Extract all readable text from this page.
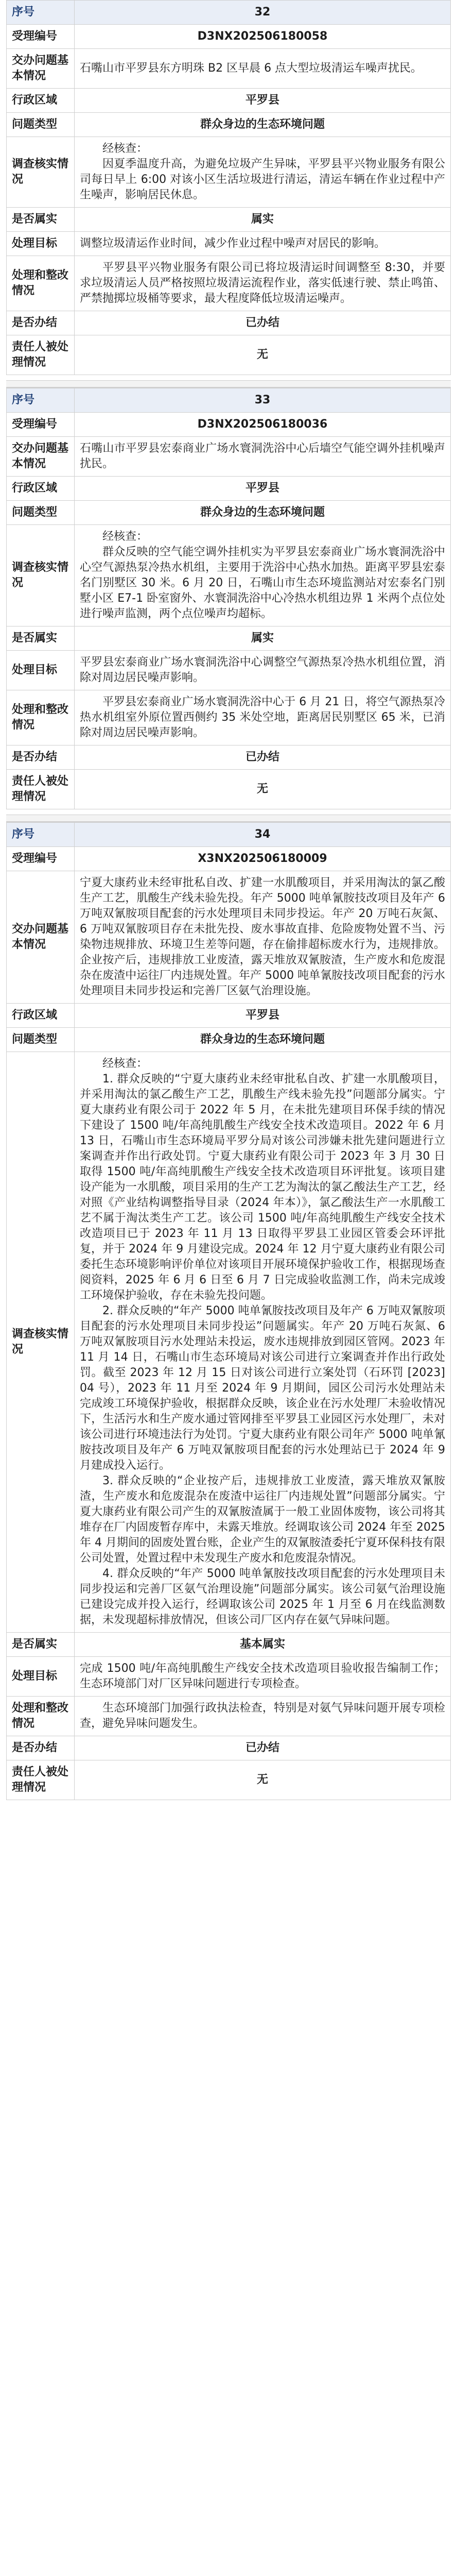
序号	32
受理编号	D3NX202506180058
交办问题基本情况	石嘴山市平罗县东方明珠 B2 区早晨 6 点大型垃圾清运车噪声扰民。
行政区域	平罗县
问题类型	群众身边的生态环境问题
调查核实情况	经核查：
因夏季温度升高，为避免垃圾产生异味，平罗县平兴物业服务有限公司每日早上 6:00 对该小区生活垃圾进行清运，清运车辆在作业过程中产生噪声，影响居民休息。

是否属实	属实
处理目标	调整垃圾清运作业时间，减少作业过程中噪声对居民的影响。
处理和整改情况	平罗县平兴物业服务有限公司已将垃圾清运时间调整至 8:30，并要求垃圾清运人员严格按照垃圾清运流程作业，落实低速行驶、禁止鸣笛、严禁抛掷垃圾桶等要求，最大程度降低垃圾清运噪声。

是否办结	已办结
责任人被处理情况	无
序号	33
受理编号	D3NX202506180036
交办问题基本情况	石嘴山市平罗县宏泰商业广场水寰洞洗浴中心后墙空气能空调外挂机噪声扰民。
行政区域	平罗县
问题类型	群众身边的生态环境问题
调查核实情况	经核查：
群众反映的空气能空调外挂机实为平罗县宏泰商业广场水寰洞洗浴中心空气源热泵冷热水机组，主要用于洗浴中心热水加热。距离平罗县宏泰名门别墅区 30 米。6 月 20 日，石嘴山市生态环境监测站对宏泰名门别墅小区 E7-1 卧室窗外、水寰洞洗浴中心冷热水机组边界 1 米两个点位处进行噪声监测，两个点位噪声均超标。

是否属实	属实
处理目标	平罗县宏泰商业广场水寰洞洗浴中心调整空气源热泵冷热水机组位置，消除对周边居民噪声影响。
处理和整改情况	平罗县宏泰商业广场水寰洞洗浴中心于 6 月 21 日，将空气源热泵冷热水机组室外原位置西侧约 35 米处空地，距离居民别墅区 65 米，已消除对周边居民噪声影响。

是否办结	已办结
责任人被处理情况	无
序号	34
受理编号	X3NX202506180009
交办问题基本情况	宁夏大康药业未经审批私自改、扩建一水肌酸项目，并采用淘汰的氯乙酸生产工艺，肌酸生产线未验先投。年产 5000 吨单氰胺技改项目及年产 6 万吨双氰胺项目配套的污水处理项目未同步投运。年产 20 万吨石灰氮、6 万吨双氰胺项目存在未批先投、废水事故直排、危险废物处置不当、污染物违规排放、环境卫生差等问题，存在偷排超标废水行为，违规排放。企业按产后，违规排放工业废渣，露天堆放双氰胺渣，生产废水和危废混杂在废渣中运往厂内违规处置。年产 5000 吨单氰胺技改项目配套的污水处理项目未同步投运和完善厂区氨气治理设施。
行政区域	平罗县
问题类型	群众身边的生态环境问题
调查核实情况	经核查：
1. 群众反映的“宁夏大康药业未经审批私自改、扩建一水肌酸项目，并采用淘汰的氯乙酸生产工艺，肌酸生产线未验先投”问题部分属实。宁夏大康药业有限公司于 2022 年 5 月，在未批先建项目环保手续的情况下建设了 1500 吨/年高纯肌酸生产线安全技术改造项目。2022 年 6 月 13 日，石嘴山市生态环境局平罗分局对该公司涉嫌未批先建问题进行立案调查并作出行政处罚。宁夏大康药业有限公司于 2023 年 3 月 30 日取得 1500 吨/年高纯肌酸生产线安全技术改造项目环评批复。该项目建设产能为一水肌酸，项目采用的生产工艺为淘汰的氯乙酸法生产工艺，经对照《产业结构调整指导目录（2024 年本）》，氯乙酸法生产一水肌酸工艺不属于淘汰类生产工艺。该公司 1500 吨/年高纯肌酸生产线安全技术改造项目已于 2023 年 11 月 13 日取得平罗县工业园区管委会环评批复，并于 2024 年 9 月建设完成。2024 年 12 月宁夏大康药业有限公司委托生态环境影响评价单位对该项目开展环境保护验收工作，根据现场查阅资料，2025 年 6 月 6 日至 6 月 7 日完成验收监测工作，尚未完成竣工环境保护验收，存在未验先投问题。
2. 群众反映的“年产 5000 吨单氰胺技改项目及年产 6 万吨双氰胺项目配套的污水处理项目未同步投运”问题属实。年产 20 万吨石灰氮、6 万吨双氰胺项目污水处理站未投运，废水违规排放到园区管网。2023 年 11 月 14 日，石嘴山市生态环境局对该公司进行立案调查并作出行政处罚。截至 2023 年 12 月 15 日对该公司进行立案处罚（石环罚 [2023] 04 号），2023 年 11 月至 2024 年 9 月期间，园区公司污水处理站未完成竣工环境保护验收，根据群众反映，该企业在污水处理厂未验收情况下，生活污水和生产废水通过管网排至平罗县工业园区污水处理厂，未对该公司进行环境违法行为处罚。宁夏大康药业有限公司年产 5000 吨单氰胺技改项目及年产 6 万吨双氰胺项目配套的污水处理站已于 2024 年 9 月建成投入运行。
3. 群众反映的“企业按产后，违规排放工业废渣，露天堆放双氰胺渣，生产废水和危废混杂在废渣中运往厂内违规处置”问题部分属实。宁夏大康药业有限公司产生的双氰胺渣属于一般工业固体废物，该公司将其堆存在厂内固废暂存库中，未露天堆放。经调取该公司 2024 年至 2025 年 4 月期间的固废处置台账，企业产生的双氰胺渣委托宁夏环保科技有限公司处置，处置过程中未发现生产废水和危废混杂情况。
4. 群众反映的“年产 5000 吨单氰胺技改项目配套的污水处理项目未同步投运和完善厂区氨气治理设施”问题部分属实。该公司氨气治理设施已建设完成并投入运行，经调取该公司 2025 年 1 月至 6 月在线监测数据，未发现超标排放情况，但该公司厂区内存在氨气异味问题。

是否属实	基本属实
处理目标	完成 1500 吨/年高纯肌酸生产线安全技术改造项目验收报告编制工作；生态环境部门对厂区异味问题进行专项检查。
处理和整改情况	生态环境部门加强行政执法检查，特别是对氨气异味问题开展专项检查，避免异味问题发生。

是否办结	已办结
责任人被处理情况	无
